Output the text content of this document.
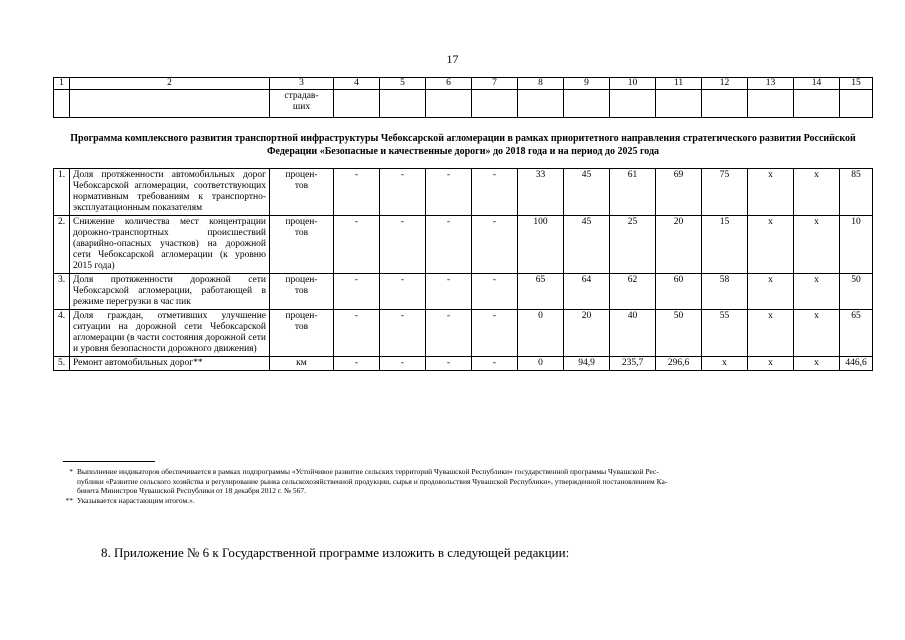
17
1	2	3	4	5	6	7	8	9	10	11	12	13	14	15
		страдав-
ших												

Программа комплексного развития транспортной инфраструктуры Чебоксарской агломерации в рамках приоритетного направления стратегического развития Российской Федерации «Безопасные и качественные дороги» до 2018 года и на период до 2025 года														

1.	Доля протяженности автомобильных дорог Чебоксарской агломерации, соответствующих нормативным требованиям к транспортно-эксплуатационным показателям	процен-
тов	-	-	-	-	33	45	61	69	75	x	x	85
2.	Снижение количества мест концентрации дорожно-транспортных происшествий (аварийно-опасных участков) на дорожной сети Чебоксарской агломерации (к уровню 2015 года)	процен-
тов	-	-	-	-	100	45	25	20	15	x	x	10
3.	Доля протяженности дорожной сети Чебоксарской агломерации, работающей в режиме перегрузки в час пик	процен-
тов	-	-	-	-	65	64	62	60	58	x	x	50
4.	Доля граждан, отметивших улучшение ситуации на дорожной сети Чебоксарской агломерации (в части состояния дорожной сети и уровня безопасности дорожного движения)	процен-
тов	-	-	-	-	0	20	40	50	55	x	x	65
5.	Ремонт автомобильных дорог**	км	-	-	-	-	0	94,9	235,7	296,6	x	x	x	446,6

* Выполнение индикаторов обеспечивается в рамках подпрограммы «Устойчивое развитие сельских территорий Чувашской Республики» государственной программы Чувашской Рес-

публики «Развитие сельского хозяйства и регулирование рынка сельскохозяйственной продукции, сырья и продовольствия Чувашской Республики», утвержденной постановлением Ка-

бинета Министров Чувашской Республики от 18 декабря 2012 г. № 567.

** Указывается нарастающим итогом.».

8. Приложение № 6 к Государственной программе изложить в следующей редакции:
